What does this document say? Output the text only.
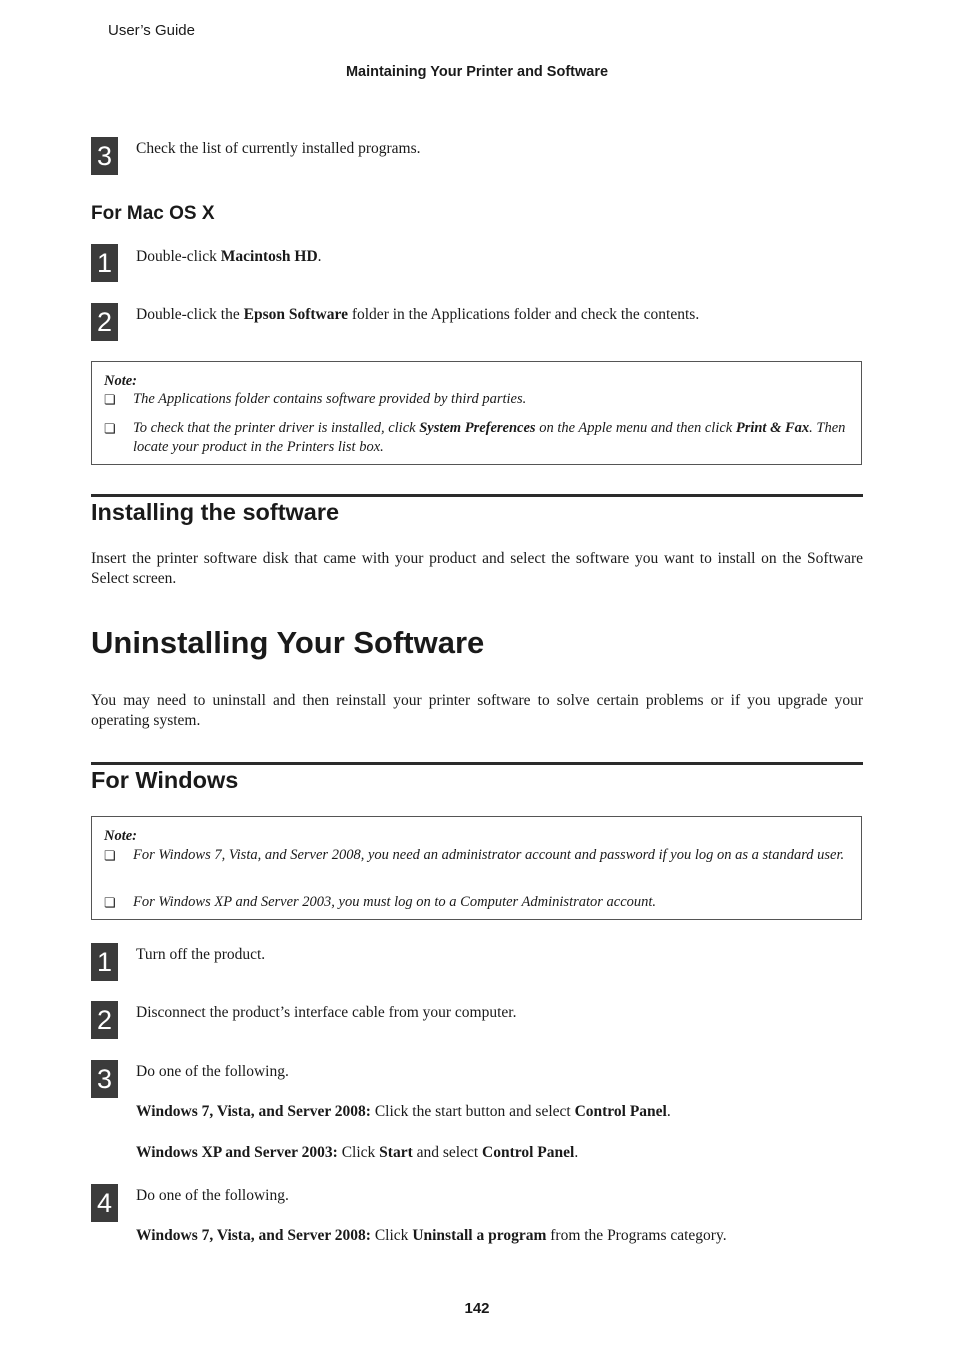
User’s Guide
Maintaining Your Printer and Software
3	Check the list of currently installed programs.
For Mac OS X
1	Double-click Macintosh HD.
2	Double-click the Epson Software folder in the Applications folder and check the contents.
Note:
❏ The Applications folder contains software provided by third parties.
❏ To check that the printer driver is installed, click System Preferences on the Apple menu and then click Print & Fax. Then locate your product in the Printers list box.
Installing the software
Insert the printer software disk that came with your product and select the software you want to install on the Software Select screen.
Uninstalling Your Software
You may need to uninstall and then reinstall your printer software to solve certain problems or if you upgrade your operating system.
For Windows
Note:
❏ For Windows 7, Vista, and Server 2008, you need an administrator account and password if you log on as a standard user.
❏ For Windows XP and Server 2003, you must log on to a Computer Administrator account.
1	Turn off the product.
2	Disconnect the product’s interface cable from your computer.
3	Do one of the following.
Windows 7, Vista, and Server 2008: Click the start button and select Control Panel.
Windows XP and Server 2003: Click Start and select Control Panel.
4	Do one of the following.
Windows 7, Vista, and Server 2008: Click Uninstall a program from the Programs category.
142
